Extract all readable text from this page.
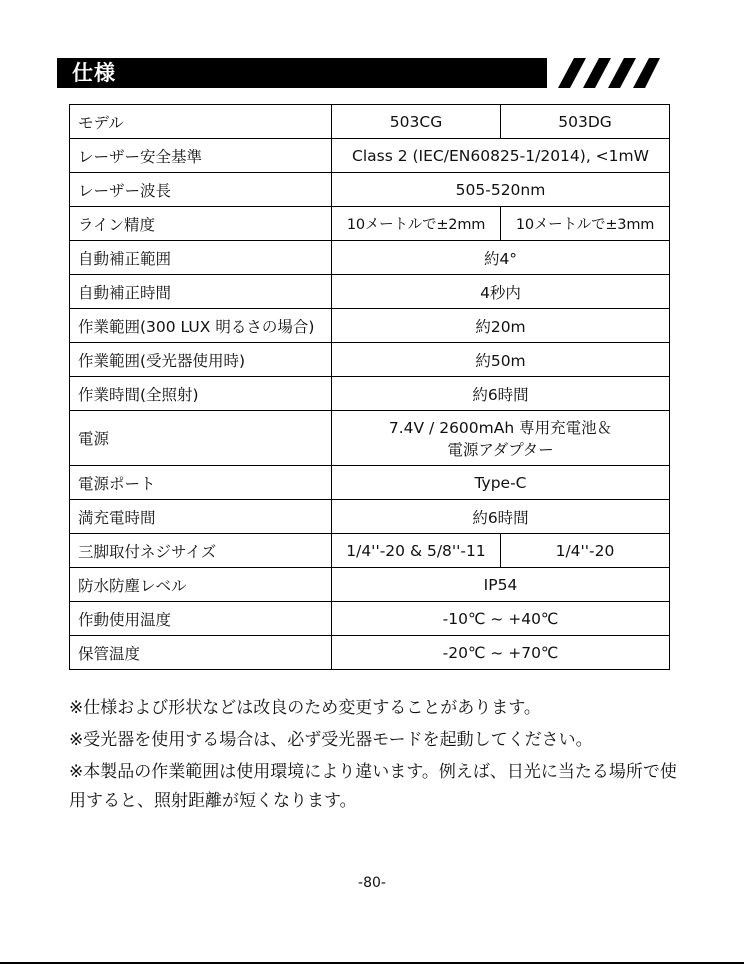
仕様
モデル	503CG	503DG
レーザー安全基準	Class 2 (IEC/EN60825-1/2014), <1mW	
レーザー波長	505-520nm	
ライン精度	10メートルで±2mm	10メートルで±3mm
自動補正範囲	約4°	
自動補正時間	4秒内	
作業範囲(300 LUX 明るさの場合)	約20m	
作業範囲(受光器使用時)	約50m	
作業時間(全照射)	約6時間	
電源	7.4V / 2600mAh 専用充電池＆
電源アダプター	

電源ポート	Type-C	
満充電時間	約6時間	
三脚取付ネジサイズ	1/4''-20 & 5/8''-11	1/4''-20
防水防塵レベル	IP54	
作動使用温度	-10℃ ~ +40℃	
保管温度	-20℃ ~ +70℃	
※仕様および形状などは改良のため変更することがあります。
※受光器を使用する場合は、必ず受光器モードを起動してください。
※本製品の作業範囲は使用環境により違います。例えば、日光に当たる場所で使用すると、照射距離が短くなります。
-80-
